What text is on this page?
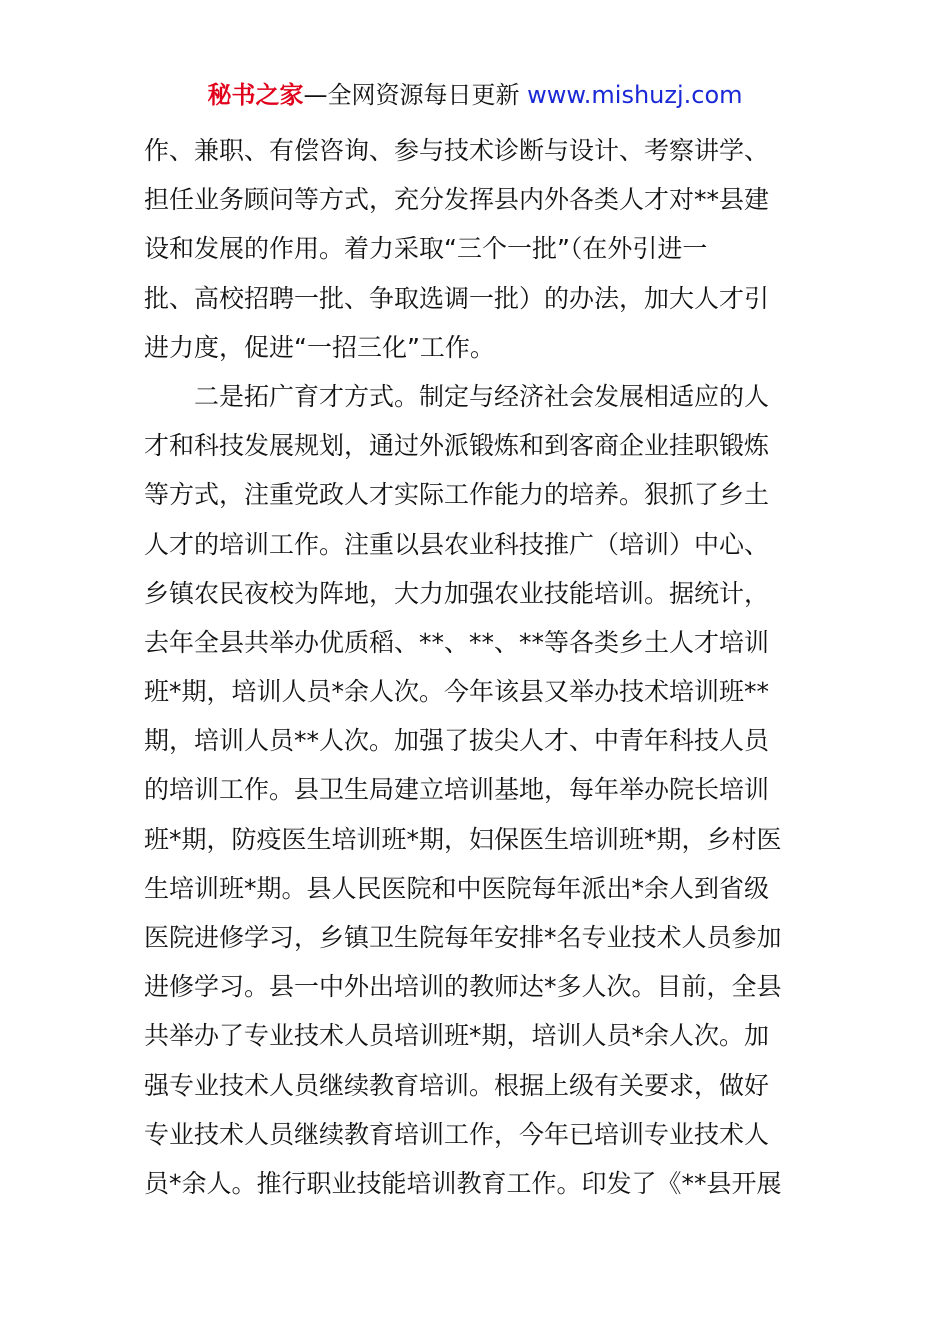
秘书之家—全网资源每日更新 www.mishuzj.com
作、兼职、有偿咨询、参与技术诊断与设计、考察讲学、
担任业务顾问等方式，充分发挥县内外各类人才对**县建
设和发展的作用。着力采取“三个一批”（在外引进一
批、高校招聘一批、争取选调一批）的办法，加大人才引
进力度，促进“一招三化”工作。
二是拓广育才方式。制定与经济社会发展相适应的人
才和科技发展规划，通过外派锻炼和到客商企业挂职锻炼
等方式，注重党政人才实际工作能力的培养。狠抓了乡土
人才的培训工作。注重以县农业科技推广（培训）中心、
乡镇农民夜校为阵地，大力加强农业技能培训。据统计，
去年全县共举办优质稻、**、**、**等各类乡土人才培训
班*期，培训人员*余人次。今年该县又举办技术培训班**
期，培训人员**人次。加强了拔尖人才、中青年科技人员
的培训工作。县卫生局建立培训基地，每年举办院长培训
班*期，防疫医生培训班*期，妇保医生培训班*期，乡村医
生培训班*期。县人民医院和中医院每年派出*余人到省级
医院进修学习，乡镇卫生院每年安排*名专业技术人员参加
进修学习。县一中外出培训的教师达*多人次。目前，全县
共举办了专业技术人员培训班*期，培训人员*余人次。加
强专业技术人员继续教育培训。根据上级有关要求，做好
专业技术人员继续教育培训工作，今年已培训专业技术人
员*余人。推行职业技能培训教育工作。印发了《**县开展
